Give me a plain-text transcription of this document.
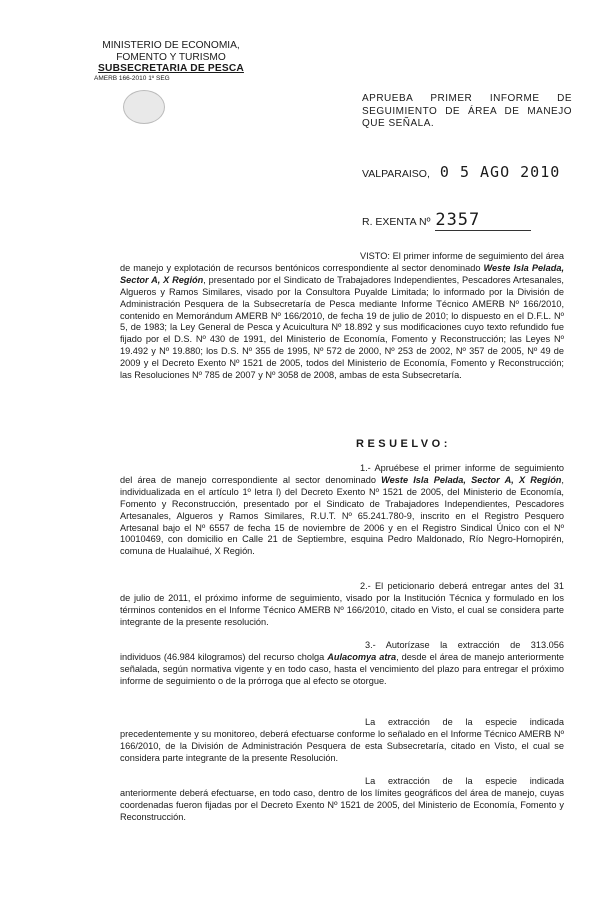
MINISTERIO DE ECONOMIA,
FOMENTO Y TURISMO
SUBSECRETARIA DE PESCA
AMERB 166-2010 1º SEG

APRUEBA PRIMER INFORME DE SEGUIMIENTO DE ÁREA DE MANEJO QUE SEÑALA.
VALPARAISO, 0 5 AGO 2010
R. EXENTA Nº 2357

VISTO: El primer informe de seguimiento del área de manejo y explotación de recursos bentónicos correspondiente al sector denominado Weste Isla Pelada, Sector A, X Región, presentado por el Sindicato de Trabajadores Independientes, Pescadores Artesanales, Algueros y Ramos Similares, visado por la Consultora Puyalde Limitada; lo informado por la División de Administración Pesquera de la Subsecretaría de Pesca mediante Informe Técnico AMERB Nº 166/2010, contenido en Memorándum AMERB Nº 166/2010, de fecha 19 de julio de 2010; lo dispuesto en el D.F.L. Nº 5, de 1983; la Ley General de Pesca y Acuicultura Nº 18.892 y sus modificaciones cuyo texto refundido fue fijado por el D.S. Nº 430 de 1991, del Ministerio de Economía, Fomento y Reconstrucción; las Leyes Nº 19.492 y Nº 19.880; los D.S. Nº 355 de 1995, Nº 572 de 2000, Nº 253 de 2002, Nº 357 de 2005, Nº 49 de 2009 y el Decreto Exento Nº 1521 de 2005, todos del Ministerio de Economía, Fomento y Reconstrucción; las Resoluciones Nº 785 de 2007 y Nº 3058 de 2008, ambas de esta Subsecretaría.

RESUELVO:

1.- Apruébese el primer informe de seguimiento del área de manejo correspondiente al sector denominado Weste Isla Pelada, Sector A, X Región, individualizada en el artículo 1º letra l) del Decreto Exento Nº 1521 de 2005, del Ministerio de Economía, Fomento y Reconstrucción, presentado por el Sindicato de Trabajadores Independientes, Pescadores Artesanales, Algueros y Ramos Similares, R.U.T. Nº 65.241.780-9, inscrito en el Registro Pesquero Artesanal bajo el Nº 6557 de fecha 15 de noviembre de 2006 y en el Registro Sindical Único con el Nº 10010469, con domicilio en Calle 21 de Septiembre, esquina Pedro Maldonado, Río Negro-Hornopirén, comuna de Hualaihué, X Región.

2.- El peticionario deberá entregar antes del 31 de julio de 2011, el próximo informe de seguimiento, visado por la Institución Técnica y formulado en los términos contenidos en el Informe Técnico AMERB Nº 166/2010, citado en Visto, el cual se considera parte integrante de la presente resolución.

3.- Autorízase la extracción de 313.056 individuos (46.984 kilogramos) del recurso cholga Aulacomya atra, desde el área de manejo anteriormente señalada, según normativa vigente y en todo caso, hasta el vencimiento del plazo para entregar el próximo informe de seguimiento o de la prórroga que al efecto se otorgue.

La extracción de la especie indicada precedentemente y su monitoreo, deberá efectuarse conforme lo señalado en el Informe Técnico AMERB Nº 166/2010, de la División de Administración Pesquera de esta Subsecretaría, citado en Visto, el cual se considera parte integrante de la presente Resolución.

La extracción de la especie indicada anteriormente deberá efectuarse, en todo caso, dentro de los límites geográficos del área de manejo, cuyas coordenadas fueron fijadas por el Decreto Exento Nº 1521 de 2005, del Ministerio de Economía, Fomento y Reconstrucción.
